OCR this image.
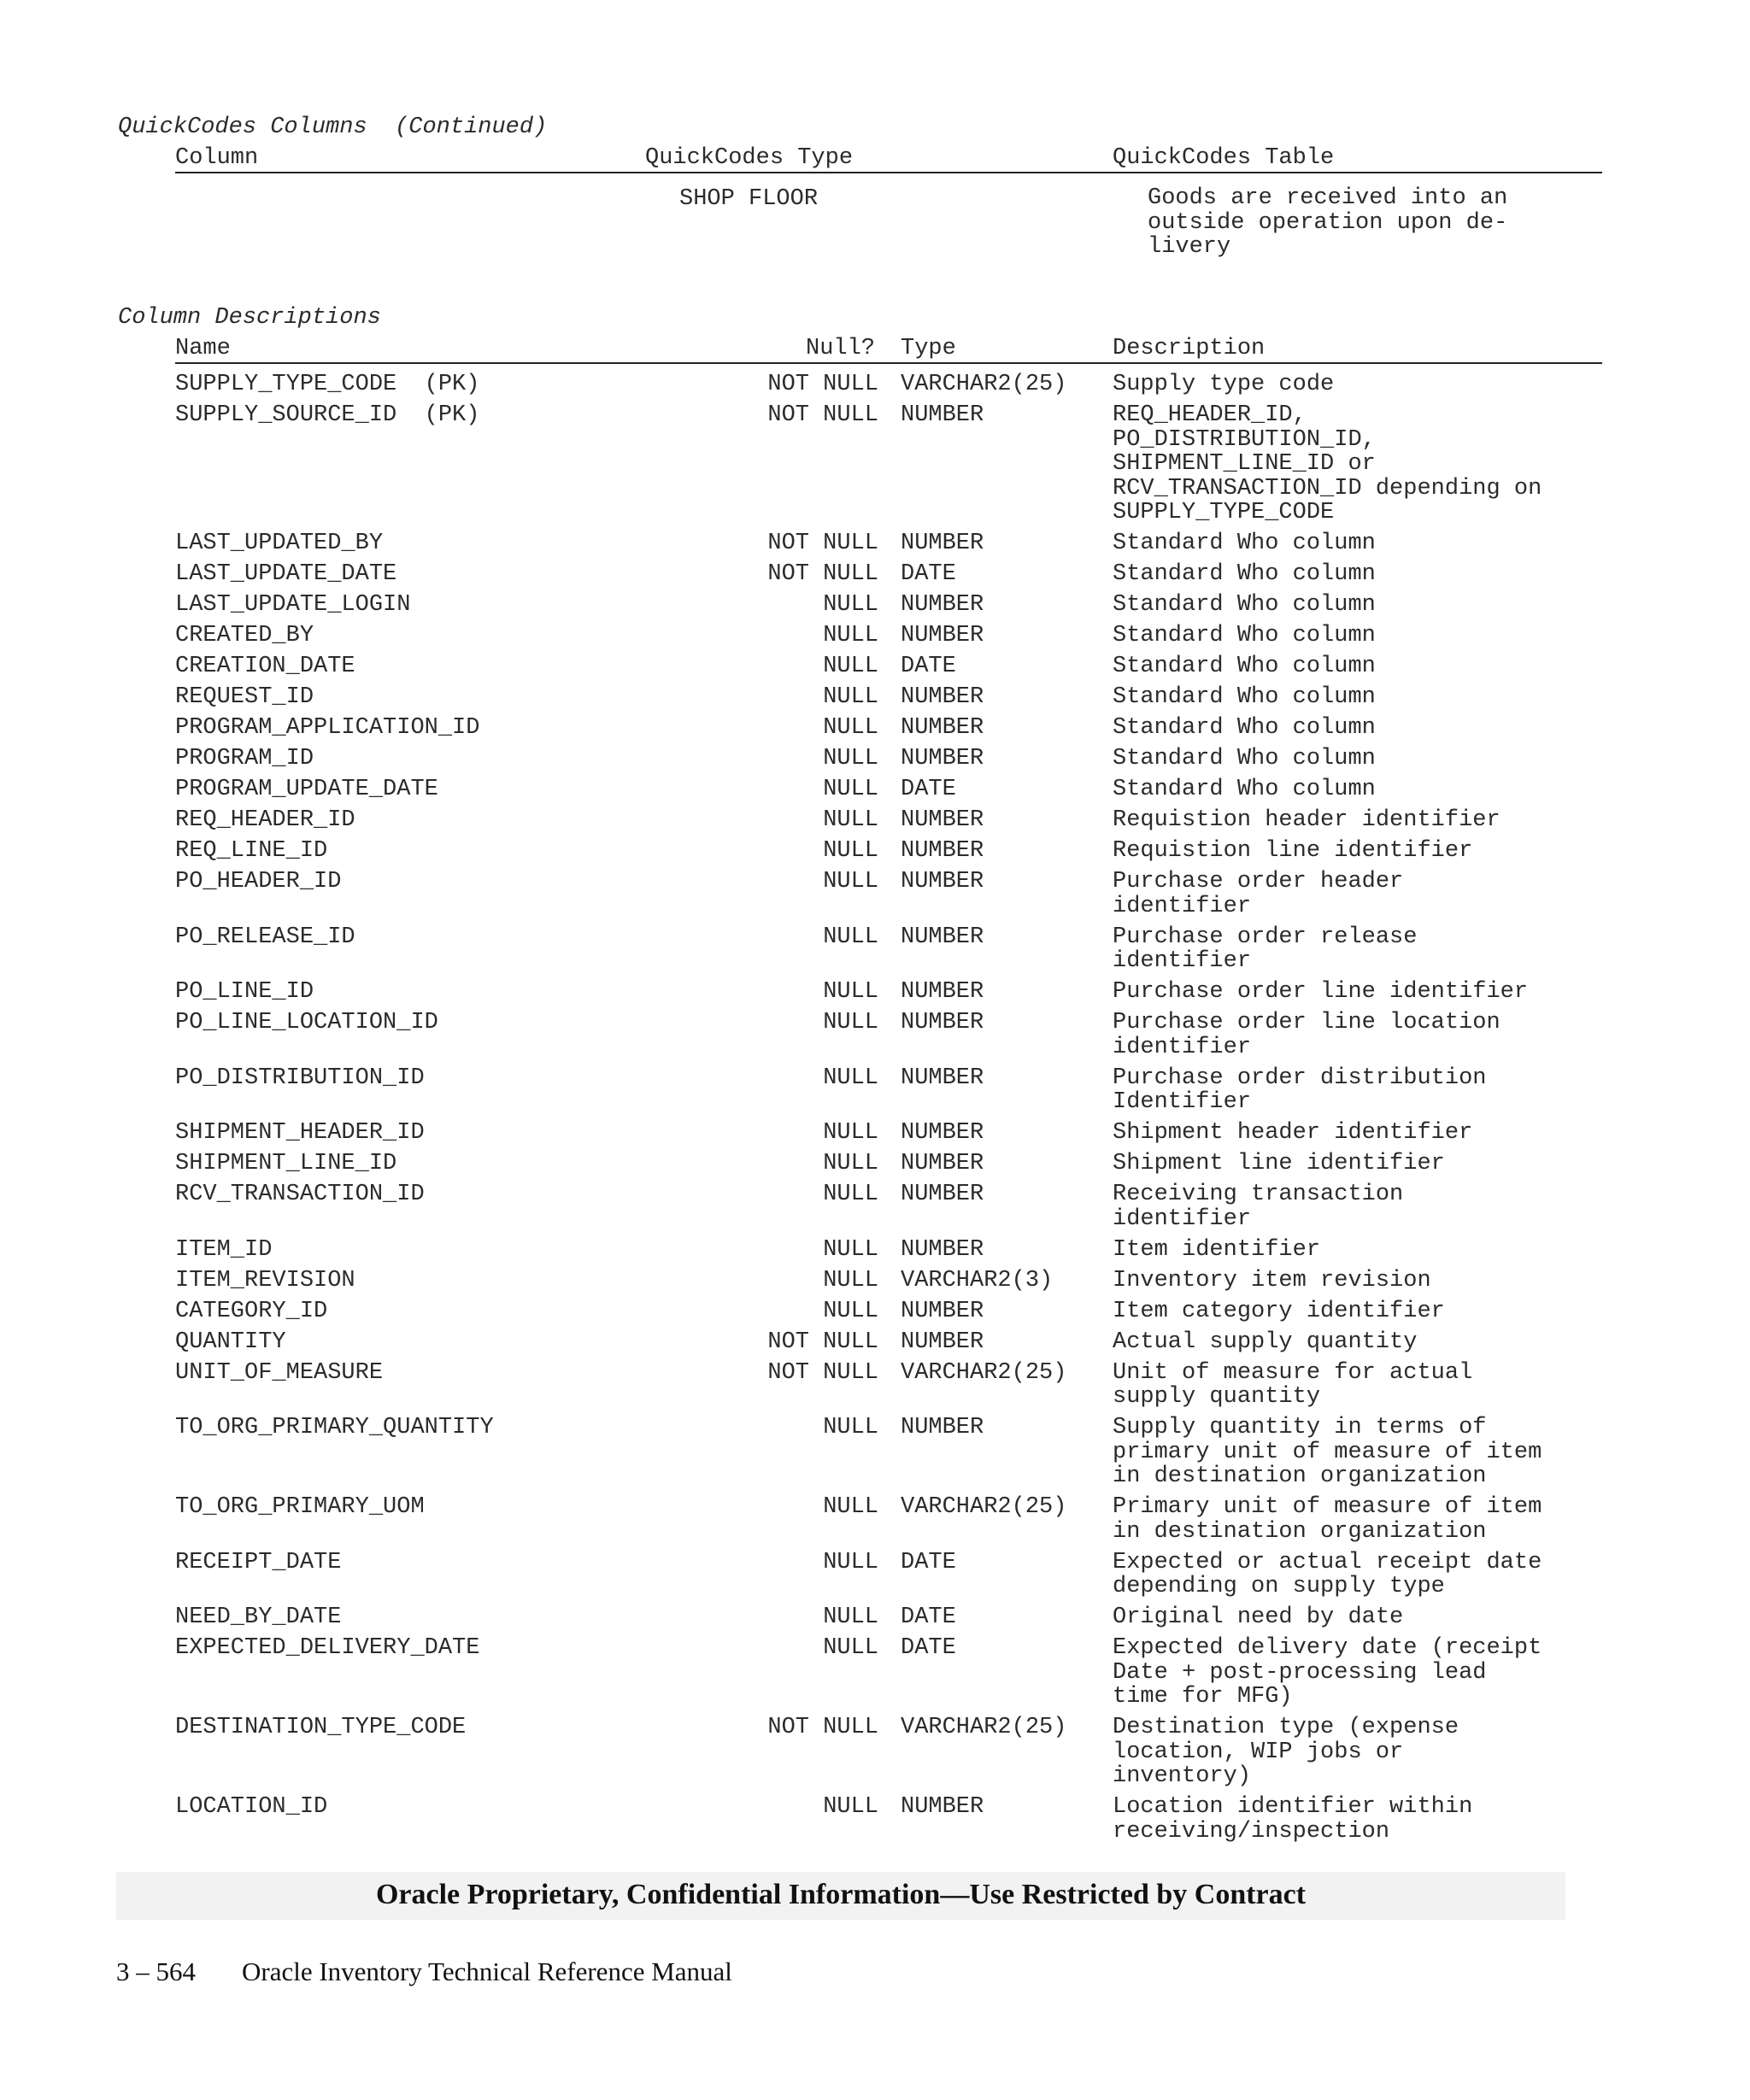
QuickCodes Columns  (Continued)
Column	QuickCodes Type	QuickCodes Table
SHOP FLOOR	Goods are received into an
outside operation upon de-
livery
Column Descriptions
Name	Null? Type	Description
SUPPLY_TYPE_CODE  (PK)	NOT NULL VARCHAR2(25) Supply type code
SUPPLY_SOURCE_ID  (PK)	NOT NULL NUMBER	REQ_HEADER_ID,
PO_DISTRIBUTION_ID,
SHIPMENT_LINE_ID or
RCV_TRANSACTION_ID depending on
SUPPLY_TYPE_CODE
LAST_UPDATED_BY	NOT NULL NUMBER	Standard Who column
LAST_UPDATE_DATE	NOT NULL DATE	Standard Who column
LAST_UPDATE_LOGIN	NULL NUMBER	Standard Who column
CREATED_BY	NULL NUMBER	Standard Who column
CREATION_DATE	NULL DATE	Standard Who column
REQUEST_ID	NULL NUMBER	Standard Who column
PROGRAM_APPLICATION_ID	NULL NUMBER	Standard Who column
PROGRAM_ID	NULL NUMBER	Standard Who column
PROGRAM_UPDATE_DATE	NULL DATE	Standard Who column
REQ_HEADER_ID	NULL NUMBER	Requistion header identifier
REQ_LINE_ID	NULL NUMBER	Requistion line identifier
PO_HEADER_ID	NULL NUMBER	Purchase order header
identifier
PO_RELEASE_ID	NULL NUMBER	Purchase order release
identifier
PO_LINE_ID	NULL NUMBER	Purchase order line identifier
PO_LINE_LOCATION_ID	NULL NUMBER	Purchase order line location
identifier
PO_DISTRIBUTION_ID	NULL NUMBER	Purchase order distribution
Identifier
SHIPMENT_HEADER_ID	NULL NUMBER	Shipment header identifier
SHIPMENT_LINE_ID	NULL NUMBER	Shipment line identifier
RCV_TRANSACTION_ID	NULL NUMBER	Receiving transaction
identifier
ITEM_ID	NULL NUMBER	Item identifier
ITEM_REVISION	NULL VARCHAR2(3)	Inventory item revision
CATEGORY_ID	NULL NUMBER	Item category identifier
QUANTITY	NOT NULL NUMBER	Actual supply quantity
UNIT_OF_MEASURE	NOT NULL VARCHAR2(25) Unit of measure for actual
supply quantity
TO_ORG_PRIMARY_QUANTITY	NULL NUMBER	Supply quantity in terms of
primary unit of measure of item
in destination organization
TO_ORG_PRIMARY_UOM	NULL VARCHAR2(25) Primary unit of measure of item
in destination organization
RECEIPT_DATE	NULL DATE	Expected or actual receipt date
depending on supply type
NEED_BY_DATE	NULL DATE	Original need by date
EXPECTED_DELIVERY_DATE	NULL DATE	Expected delivery date (receipt
Date + post-processing lead
time for MFG)
DESTINATION_TYPE_CODE	NOT NULL VARCHAR2(25) Destination type (expense
location, WIP jobs or
inventory)
LOCATION_ID	NULL NUMBER	Location identifier within
receiving/inspection
Oracle Proprietary, Confidential Information––Use Restricted by Contract
3 – 564 Oracle Inventory Technical Reference Manual
